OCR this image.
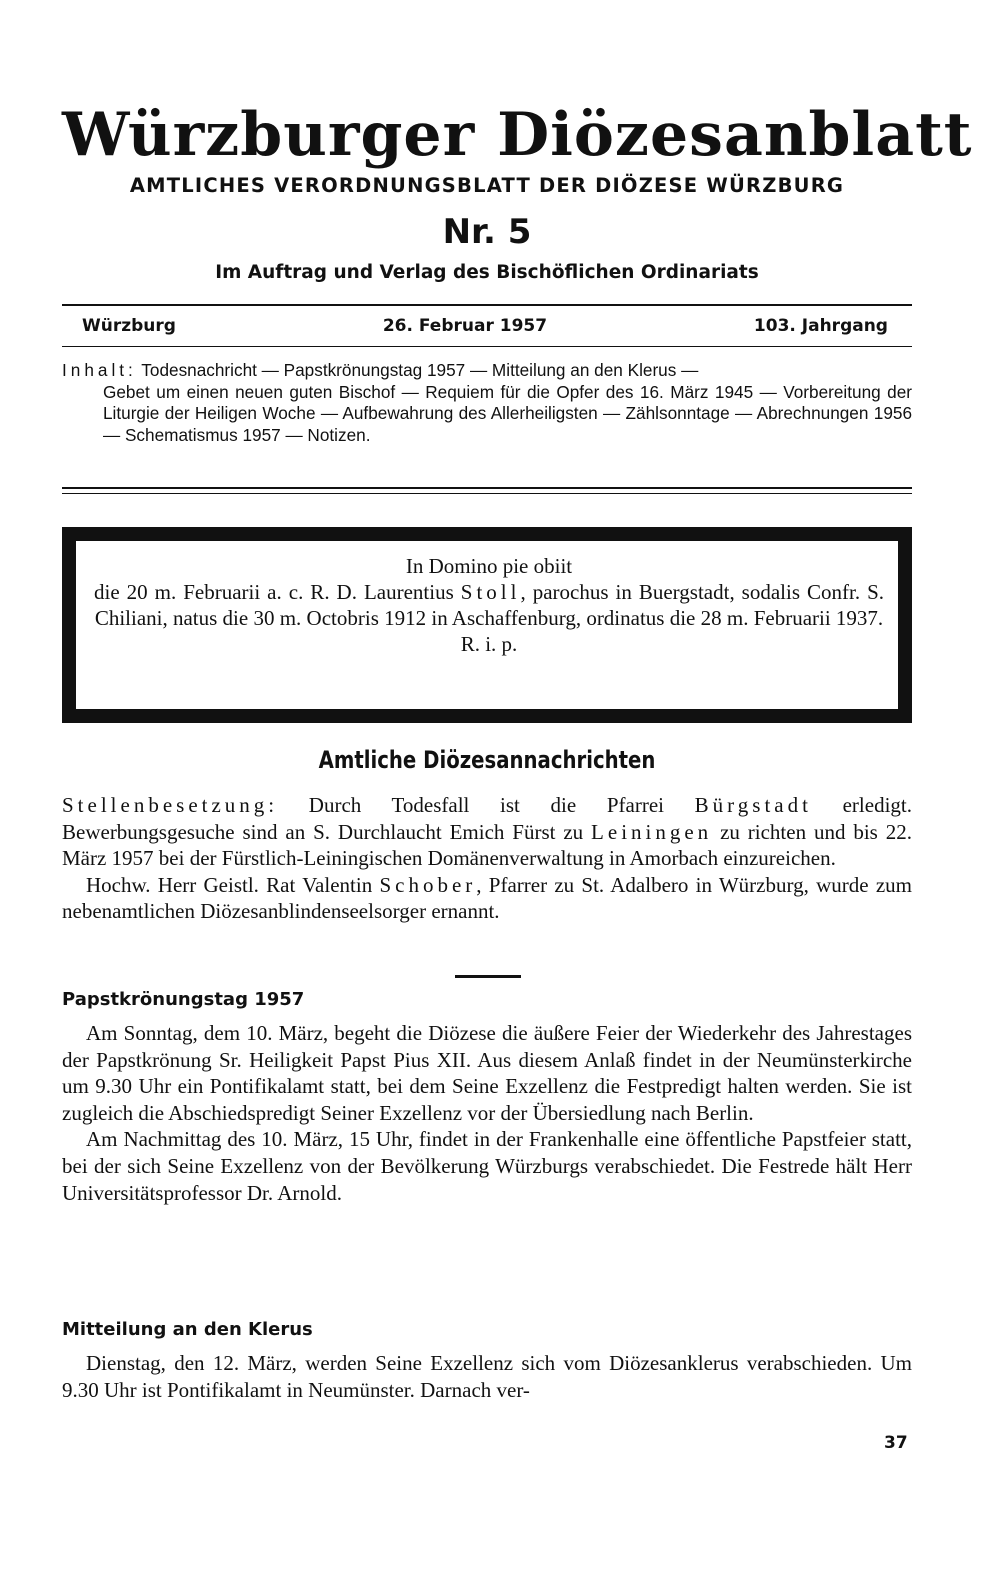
Würzburger Diözesanblatt
AMTLICHES VERORDNUNGSBLATT DER DIÖZESE WÜRZBURG
Nr. 5
Im Auftrag und Verlag des Bischöflichen Ordinariats
Würzburg	26. Februar 1957	103. Jahrgang
Inhalt: Todesnachricht — Papstkrönungstag 1957 — Mitteilung an den Klerus —
Gebet um einen neuen guten Bischof — Requiem für die Opfer des 16. März 1945 — Vorbereitung der Liturgie der Heiligen Woche — Aufbewahrung des Allerheiligsten — Zählsonntage — Abrechnungen 1956 — Schematismus 1957 — Notizen.
In Domino pie obiit
die 20 m. Februarii a. c. R. D. Laurentius Stoll, parochus in Buergstadt, sodalis Confr. S. Chiliani, natus die 30 m. Octobris 1912 in Aschaffenburg, ordinatus die 28 m. Februarii 1937.
R. i. p.
Amtliche Diözesannachrichten

Stellenbesetzung: Durch Todesfall ist die Pfarrei Bürgstadt erledigt. Bewerbungsgesuche sind an S. Durchlaucht Emich Fürst zu Leiningen zu richten und bis 22. März 1957 bei der Fürstlich-Leiningischen Domänenverwaltung in Amorbach einzureichen.

Hochw. Herr Geistl. Rat Valentin Schober, Pfarrer zu St. Adalbero in Würzburg, wurde zum nebenamtlichen Diözesanblindenseelsorger ernannt.

Papstkrönungstag 1957

Am Sonntag, dem 10. März, begeht die Diözese die äußere Feier der Wiederkehr des Jahrestages der Papstkrönung Sr. Heiligkeit Papst Pius XII. Aus diesem Anlaß findet in der Neumünsterkirche um 9.30 Uhr ein Pontifikalamt statt, bei dem Seine Exzellenz die Festpredigt halten werden. Sie ist zugleich die Abschiedspredigt Seiner Exzellenz vor der Übersiedlung nach Berlin.

Am Nachmittag des 10. März, 15 Uhr, findet in der Frankenhalle eine öffentliche Papstfeier statt, bei der sich Seine Exzellenz von der Bevölkerung Würzburgs verabschiedet. Die Festrede hält Herr Universitätsprofessor Dr. Arnold.

Mitteilung an den Klerus

Dienstag, den 12. März, werden Seine Exzellenz sich vom Diözesanklerus verabschieden. Um 9.30 Uhr ist Pontifikalamt in Neumünster. Darnach ver-

37
